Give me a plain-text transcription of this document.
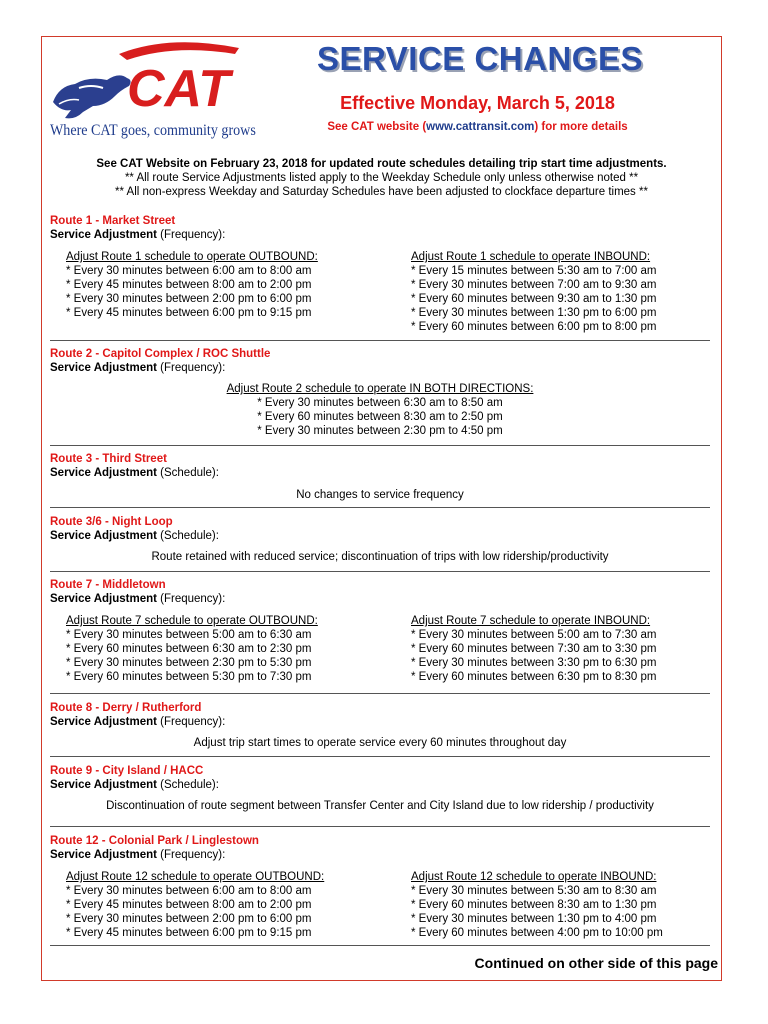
CAT
Where CAT goes, community grows
SERVICE CHANGES
Effective Monday, March 5, 2018
See CAT website (www.cattransit.com) for more details
See CAT Website on February 23, 2018 for updated route schedules detailing trip start time adjustments.
** All route Service Adjustments listed apply to the Weekday Schedule only unless otherwise noted **
** All non-express Weekday and Saturday Schedules have been adjusted to clockface departure times **
Route 1 - Market Street
Service Adjustment (Frequency):
Adjust Route 1 schedule to operate OUTBOUND:
* Every 30 minutes between 6:00 am to 8:00 am
* Every 45 minutes between 8:00 am to 2:00 pm
* Every 30 minutes between 2:00 pm to 6:00 pm
* Every 45 minutes between 6:00 pm to 9:15 pm
Adjust Route 1 schedule to operate INBOUND:
* Every 15 minutes between 5:30 am to 7:00 am
* Every 30 minutes between 7:00 am to 9:30 am
* Every 60 minutes between 9:30 am to 1:30 pm
* Every 30 minutes between 1:30 pm to 6:00 pm
* Every 60 minutes between 6:00 pm to 8:00 pm
Route 2 - Capitol Complex / ROC Shuttle
Service Adjustment (Frequency):
Adjust Route 2 schedule to operate IN BOTH DIRECTIONS:
* Every 30 minutes between 6:30 am to 8:50 am
* Every 60 minutes between 8:30 am to 2:50 pm
* Every 30 minutes between 2:30 pm to 4:50 pm
Route 3 - Third Street
Service Adjustment (Schedule):
No changes to service frequency
Route 3/6 - Night Loop
Service Adjustment (Schedule):
Route retained with reduced service; discontinuation of trips with low ridership/productivity
Route 7 - Middletown
Service Adjustment (Frequency):
Adjust Route 7 schedule to operate OUTBOUND:
* Every 30 minutes between 5:00 am to 6:30 am
* Every 60 minutes between 6:30 am to 2:30 pm
* Every 30 minutes between 2:30 pm to 5:30 pm
* Every 60 minutes between 5:30 pm to 7:30 pm
Adjust Route 7 schedule to operate INBOUND:
* Every 30 minutes between 5:00 am to 7:30 am
* Every 60 minutes between 7:30 am to 3:30 pm
* Every 30 minutes between 3:30 pm to 6:30 pm
* Every 60 minutes between 6:30 pm to 8:30 pm
Route 8 - Derry / Rutherford
Service Adjustment (Frequency):
Adjust trip start times to operate service every 60 minutes throughout day
Route 9 - City Island / HACC
Service Adjustment (Schedule):
Discontinuation of route segment between Transfer Center and City Island due to low ridership / productivity
Route 12 - Colonial Park / Linglestown
Service Adjustment (Frequency):
Adjust Route 12 schedule to operate OUTBOUND:
* Every 30 minutes between 6:00 am to 8:00 am
* Every 45 minutes between 8:00 am to 2:00 pm
* Every 30 minutes between 2:00 pm to 6:00 pm
* Every 45 minutes between 6:00 pm to 9:15 pm
Adjust Route 12 schedule to operate INBOUND:
* Every 30 minutes between 5:30 am to 8:30 am
* Every 60 minutes between 8:30 am to 1:30 pm
* Every 30 minutes between 1:30 pm to 4:00 pm
* Every 60 minutes between 4:00 pm to 10:00 pm
Continued on other side of this page
